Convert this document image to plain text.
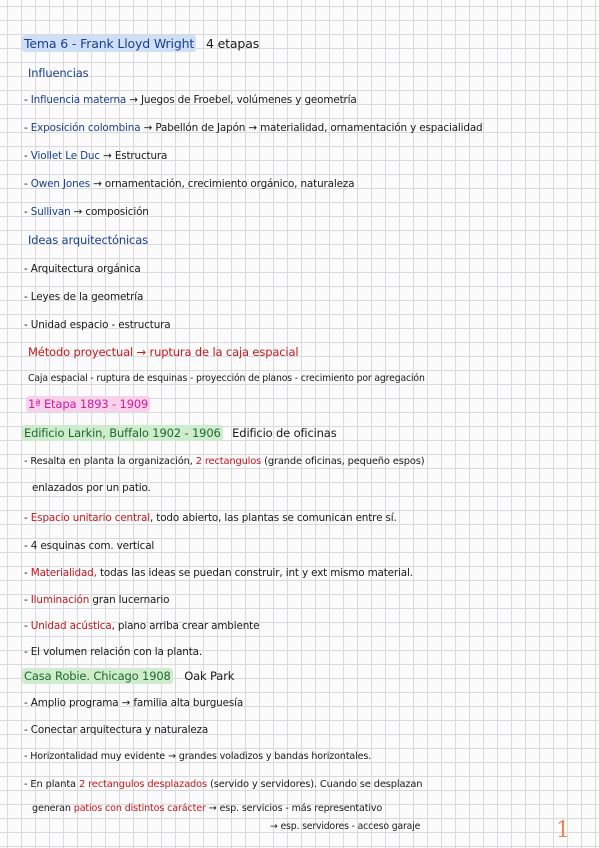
Tema 6 - Frank Lloyd Wright 4 etapas
Influencias
- Influencia materna → Juegos de Froebel, volúmenes y geometría
- Exposición colombina → Pabellón de Japón → materialidad, ornamentación y espacialidad
- Viollet Le Duc → Estructura
- Owen Jones → ornamentación, crecimiento orgánico, naturaleza
- Sullivan → composición
Ideas arquitectónicas
- Arquitectura orgánica
- Leyes de la geometría
- Unidad espacio - estructura
Método proyectual → ruptura de la caja espacial
Caja espacial - ruptura de esquinas - proyección de planos - crecimiento por agregación
1ª Etapa 1893 - 1909
Edificio Larkin, Buffalo 1902 - 1906 Edificio de oficinas
- Resalta en planta la organización, 2 rectangulos (grande oficinas, pequeño espos)
enlazados por un patio.
- Espacio unitario central, todo abierto, las plantas se comunican entre sí.
- 4 esquinas com. vertical
- Materialidad, todas las ideas se puedan construir, int y ext mismo material.
- Iluminación gran lucernario
- Unidad acústica, piano arriba crear ambiente
- El volumen relación con la planta.
Casa Robie. Chicago 1908 Oak Park
- Amplio programa → familia alta burguesía
- Conectar arquitectura y naturaleza
- Horizontalidad muy evidente → grandes voladizos y bandas horizontales.
- En planta 2 rectangulos desplazados (servido y servidores). Cuando se desplazan
generan patios con distintos carácter → esp. servicios - más representativo
→ esp. servidores - acceso garaje	1
